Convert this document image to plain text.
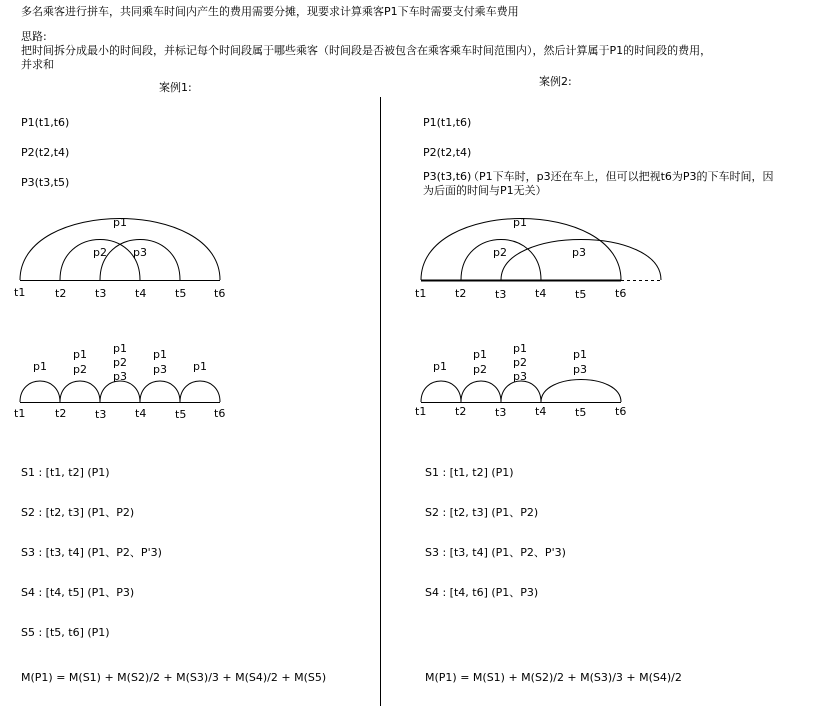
多名乘客进行拼车，共同乘车时间内产生的费用需要分摊，现要求计算乘客P1下车时需要支付乘车费用
思路:
把时间拆分成最小的时间段，并标记每个时间段属于哪些乘客（时间段是否被包含在乘客乘车时间范围内），然后计算属于P1的时间段的费用，
并求和
案例1:	案例2:
P1(t1,t6)
P2(t2,t4)
P3(t3,t5)
P1(t1,t6)
P2(t2,t4)
P3(t3,t6)
（P1下车时，p3还在车上，但可以把视t6为P3的下车时间，因
为后面的时间与P1无关）
p1
p2 p3
t1	t2	t3	t4	t5	t6
p1
p1
p2
p1
p2
p3
p1
p3 p1
t1	t2	t3	t4	t5	t6
p1
p2	p3
t1	t2	t3	t4	t5	t6
p1
p1
p2
p1
p2
p3
p1
p3
t1	t2	t3	t4	t5	t6
S1 : [t1, t2] (P1)
S2 : [t2, t3] (P1、P2)
S3 : [t3, t4] (P1、P2、P'3)
S4 : [t4, t5] (P1、P3)
S5 : [t5, t6] (P1)
M(P1) = M(S1) + M(S2)/2 + M(S3)/3 + M(S4)/2 + M(S5)
S1 : [t1, t2] (P1)
S2 : [t2, t3] (P1、P2)
S3 : [t3, t4] (P1、P2、P'3)
S4 : [t4, t6] (P1、P3)
M(P1) = M(S1) + M(S2)/2 + M(S3)/3 + M(S4)/2
